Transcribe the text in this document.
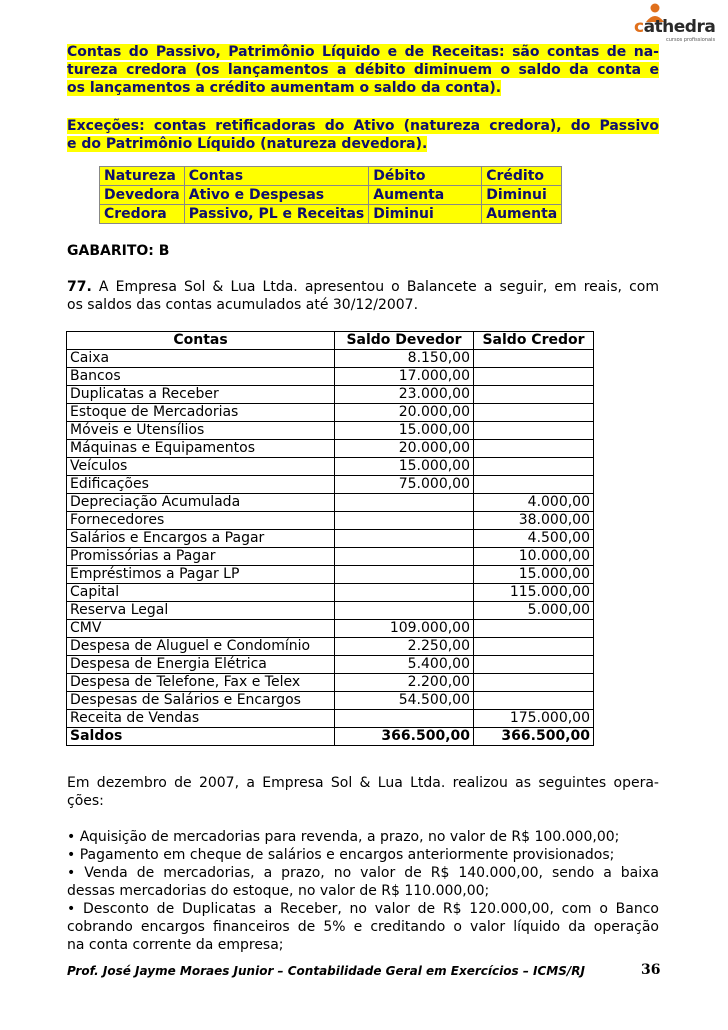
cathedra
cursos profissionais
Contas do Passivo, Patrimônio Líquido e de Receitas: são contas de na-
tureza credora (os lançamentos a débito diminuem o saldo da conta e
os lançamentos a crédito aumentam o saldo da conta).
Exceções: contas retificadoras do Ativo (natureza credora), do Passivo
e do Patrimônio Líquido (natureza devedora).
Natureza	Contas	Débito	Crédito
Devedora	Ativo e Despesas	Aumenta	Diminui
Credora	Passivo, PL e Receitas	Diminui	Aumenta
GABARITO: B
77. A Empresa Sol & Lua Ltda. apresentou o Balancete a seguir, em reais, com
os saldos das contas acumulados até 30/12/2007.
Contas	Saldo Devedor	Saldo Credor
Caixa	8.150,00	
Bancos	17.000,00	
Duplicatas a Receber	23.000,00	
Estoque de Mercadorias	20.000,00	
Móveis e Utensílios	15.000,00	
Máquinas e Equipamentos	20.000,00	
Veículos	15.000,00	
Edificações	75.000,00	
Depreciação Acumulada		4.000,00
Fornecedores		38.000,00
Salários e Encargos a Pagar		4.500,00
Promissórias a Pagar		10.000,00
Empréstimos a Pagar LP		15.000,00
Capital		115.000,00
Reserva Legal		5.000,00
CMV	109.000,00	
Despesa de Aluguel e Condomínio	2.250,00	
Despesa de Energia Elétrica	5.400,00	
Despesa de Telefone, Fax e Telex	2.200,00	
Despesas de Salários e Encargos	54.500,00	
Receita de Vendas		175.000,00
Saldos	366.500,00	366.500,00
Em dezembro de 2007, a Empresa Sol & Lua Ltda. realizou as seguintes opera-
ções:
• Aquisição de mercadorias para revenda, a prazo, no valor de R$ 100.000,00;
• Pagamento em cheque de salários e encargos anteriormente provisionados;
• Venda de mercadorias, a prazo, no valor de R$ 140.000,00, sendo a baixa
dessas mercadorias do estoque, no valor de R$ 110.000,00;
• Desconto de Duplicatas a Receber, no valor de R$ 120.000,00, com o Banco
cobrando encargos financeiros de 5% e creditando o valor líquido da operação
na conta corrente da empresa;
Prof. José Jayme Moraes Junior – Contabilidade Geral em Exercícios – ICMS/RJ	36
